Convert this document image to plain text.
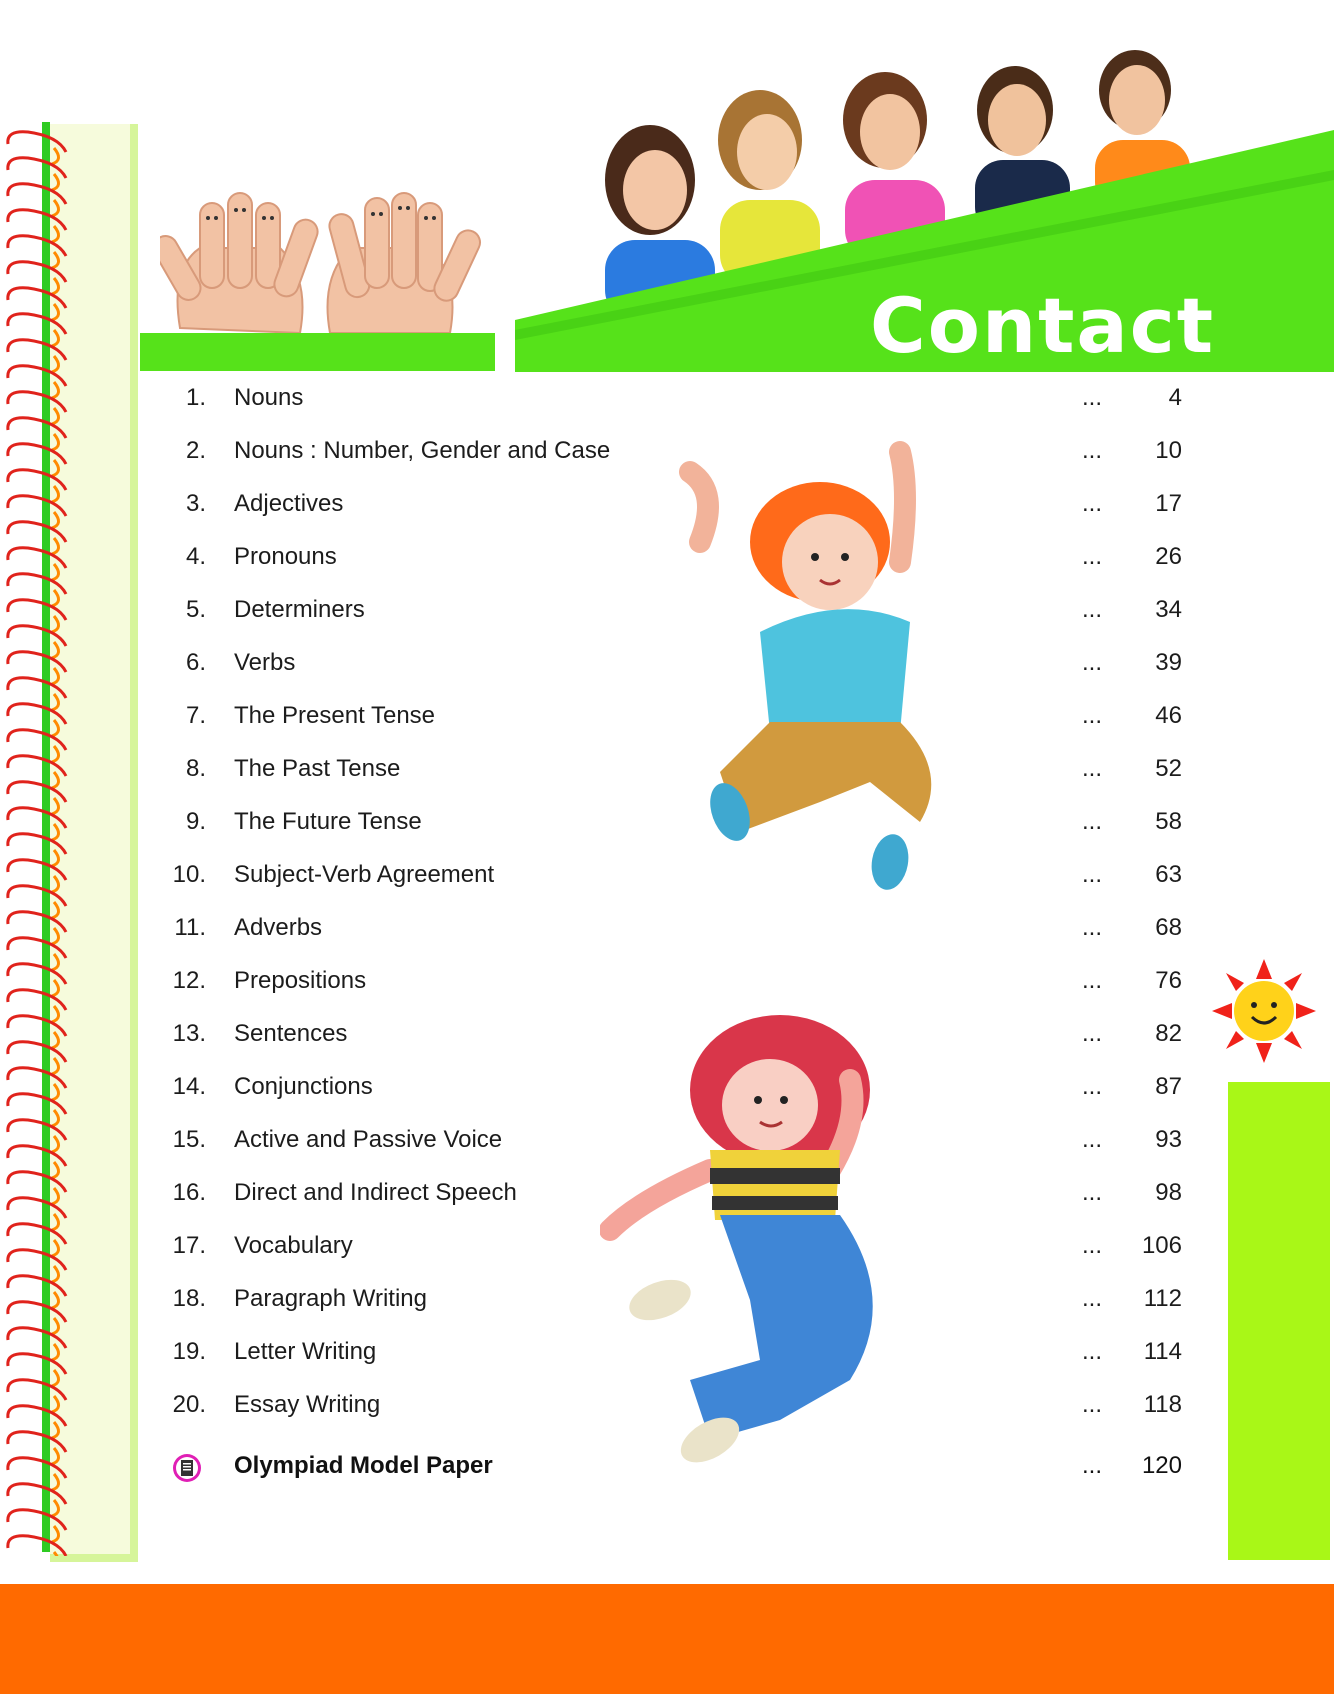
Contact
1. Nouns	...	4
2. Nouns : Number, Gender and Case	... 10
3. Adjectives	... 17
4. Pronouns	... 26
5. Determiners	... 34
6. Verbs	... 39
7. The Present Tense	... 46
8. The Past Tense	... 52
9. The Future Tense	... 58
10. Subject-Verb Agreement	... 63
11. Adverbs	... 68
12. Prepositions	... 76
13. Sentences	... 82
14. Conjunctions	... 87
15. Active and Passive Voice	... 93
16. Direct and Indirect Speech	... 98
17. Vocabulary	... 106
18. Paragraph Writing	... 112
19. Letter Writing	... 114
20. Essay Writing	... 118
Olympiad Model Paper	... 120
